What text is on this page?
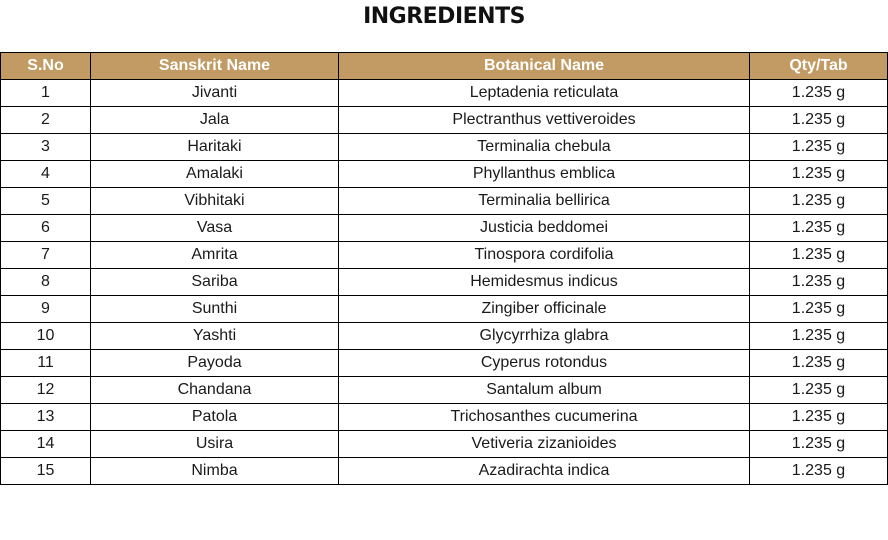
INGREDIENTS
S.No	Sanskrit Name	Botanical Name	Qty/Tab
1	Jivanti	Leptadenia reticulata	1.235 g
2	Jala	Plectranthus vettiveroides	1.235 g
3	Haritaki	Terminalia chebula	1.235 g
4	Amalaki	Phyllanthus emblica	1.235 g
5	Vibhitaki	Terminalia bellirica	1.235 g
6	Vasa	Justicia beddomei	1.235 g
7	Amrita	Tinospora cordifolia	1.235 g
8	Sariba	Hemidesmus indicus	1.235 g
9	Sunthi	Zingiber officinale	1.235 g
10	Yashti	Glycyrrhiza glabra	1.235 g
11	Payoda	Cyperus rotondus	1.235 g
12	Chandana	Santalum album	1.235 g
13	Patola	Trichosanthes cucumerina	1.235 g
14	Usira	Vetiveria zizanioides	1.235 g
15	Nimba	Azadirachta indica	1.235 g
